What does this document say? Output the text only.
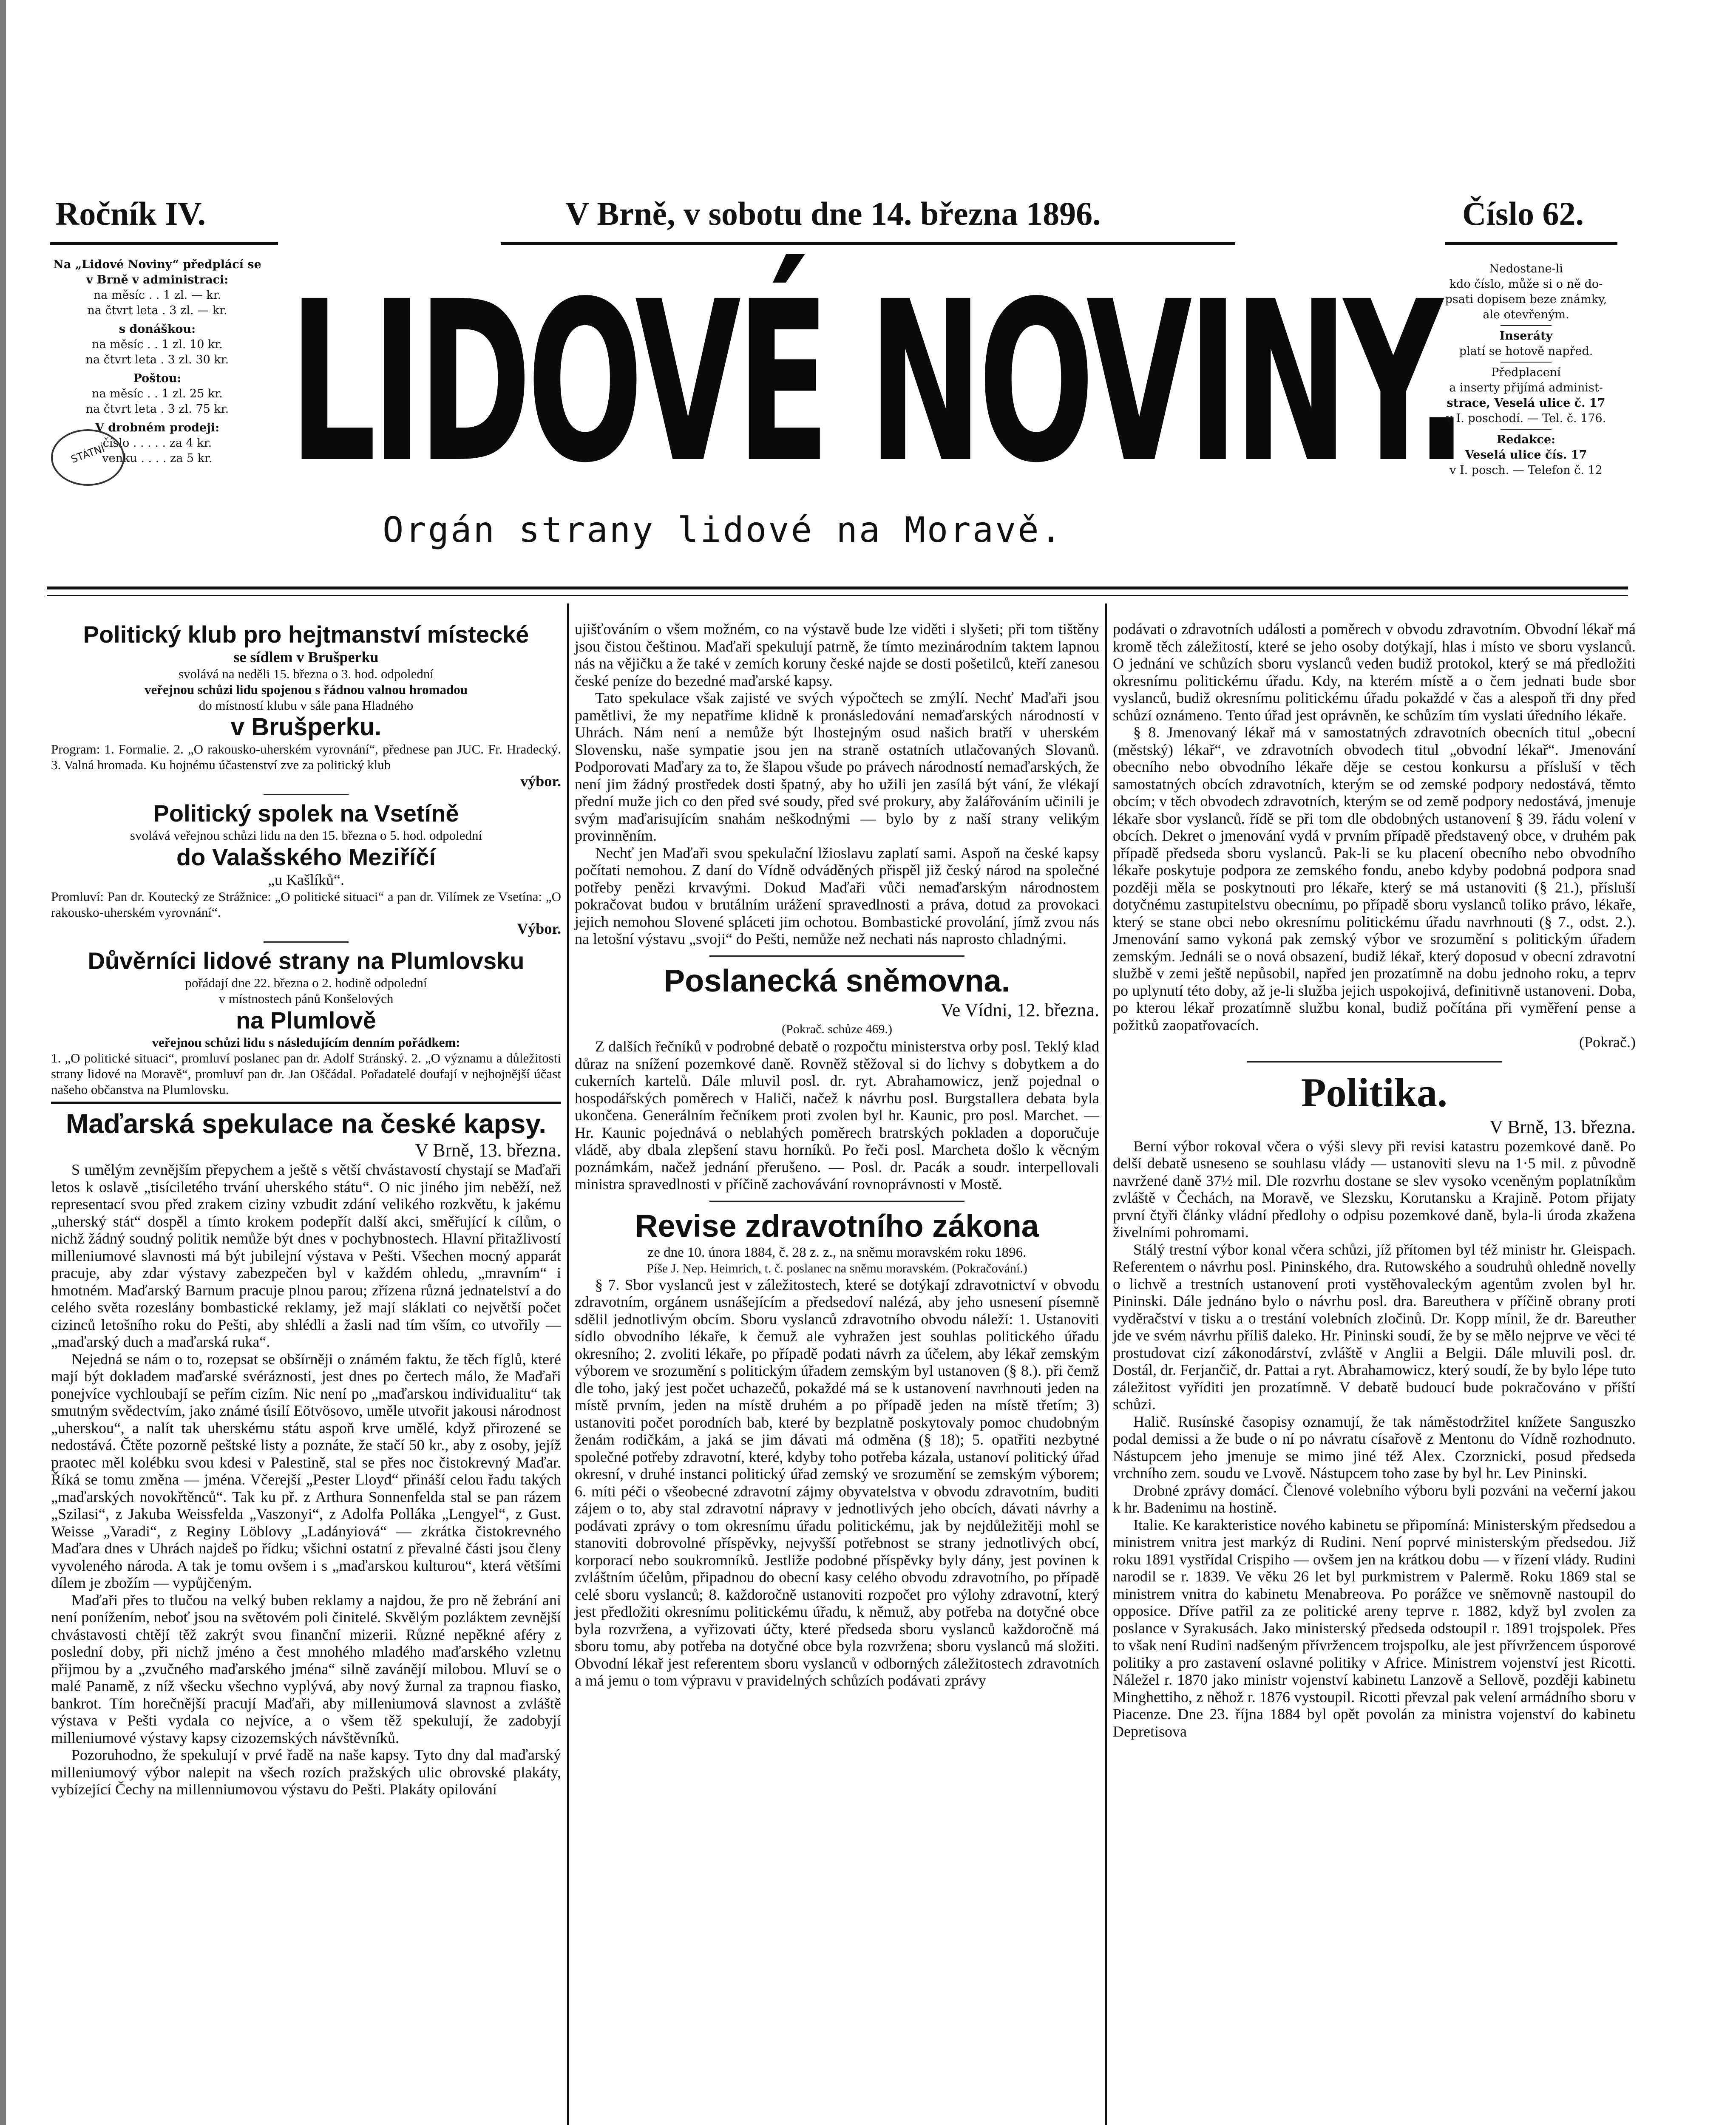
Ročník IV.	V Brně, v sobotu dne 14. března 1896.	Číslo 62.
Na „Lidové Noviny“ předplácí se
v Brně v administraci:
na měsíc . . 1 zl. — kr.
na čtvrt leta . 3 zl. — kr.
s donáškou:
na měsíc . . 1 zl. 10 kr.
na čtvrt leta . 3 zl. 30 kr.
Poštou:
na měsíc . . 1 zl. 25 kr.
na čtvrt leta . 3 zl. 75 kr.
V drobném prodeji:
číslo . . . . . za 4 kr.
venku . . . . za 5 kr.
STÁTNÍ LIDOVÉ NOVINY.
Orgán strany lidové na Moravě.
Nedostane-li
kdo číslo, může si o ně do-
psati dopisem beze známky,
ale otevřeným.
Inseráty
platí se hotově napřed.
Předplacení
a inserty přijímá administ-
strace, Veselá ulice č. 17
v I. poschodí. — Tel. č. 176.
Redakce:
Veselá ulice čís. 17
v I. posch. — Telefon č. 12
Politický klub pro hejtmanství místecké
se sídlem v Brušperku
svolává na neděli 15. března o 3. hod. odpolední
veřejnou schůzi lidu spojenou s řádnou valnou hromadou
do místností klubu v sále pana Hladného
v Brušperku.
Program: 1. Formalie. 2. „O rakousko-uherském vyrovnání“, přednese pan JUC. Fr. Hradecký. 3. Valná hromada. Ku hojnému účastenství zve za politický klub
výbor.
Politický spolek na Vsetíně
svolává veřejnou schůzi lidu na den 15. března o 5. hod. odpolední
do Valašského Meziříčí
„u Kašlíků“.
Promluví: Pan dr. Koutecký ze Strážnice: „O politické situaci“ a pan dr. Vilímek ze Vsetína: „O rakousko-uherském vyrovnání“.
Výbor.
Důvěrníci lidové strany na Plumlovsku
pořádají dne 22. března o 2. hodině odpolední
v místnostech pánů Konšelových
na Plumlově
veřejnou schůzi lidu s následujícím denním pořádkem:
1. „O politické situaci“, promluví poslanec pan dr. Adolf Stránský. 2. „O významu a důležitosti strany lidové na Moravě“, promluví pan dr. Jan Oščádal. Pořadatelé doufají v nejhojnější účast našeho občanstva na Plumlovsku.
Maďarská spekulace na české kapsy.
V Brně, 13. března.

S umělým zevnějším přepychem a ještě s větší chvástavostí chystají se Maďaři letos k oslavě „tisíciletého trvání uherského státu“. O nic jiného jim neběží, než representací svou před zrakem ciziny vzbudit zdání velikého rozkvětu, k jakému „uherský stát“ dospěl a tímto krokem podepřít další akci, směřující k cílům, o nichž žádný soudný politik nemůže být dnes v pochybnostech. Hlavní přitažlivostí milleniumové slavnosti má být jubilejní výstava v Pešti. Všechen mocný apparát pracuje, aby zdar výstavy zabezpečen byl v každém ohledu, „mravním“ i hmotném. Maďarský Barnum pracuje plnou parou; zřízena různá jednatelství a do celého světa rozeslány bombastické reklamy, jež mají sláklati co největší počet cizinců letošního roku do Pešti, aby shlédli a žasli nad tím vším, co utvořily — „maďarský duch a maďarská ruka“.

Nejedná se nám o to, rozepsat se obšírněji o známém faktu, že těch fíglů, které mají být dokladem maďarské svéráznosti, jest dnes po čertech málo, že Maďaři ponejvíce vychloubají se peřím cizím. Nic není po „maďarskou individualitu“ tak smutným svědectvím, jako známé úsilí Eötvösovo, uměle utvořit jakousi národnost „uherskou“, a nalít tak uherskému státu aspoň krve umělé, když přirozené se nedostává. Čtěte pozorně peštské listy a poznáte, že stačí 50 kr., aby z osoby, jejíž praotec měl kolébku svou kdesi v Palestině, stal se přes noc čistokrevný Maďar. Říká se tomu změna — jména. Včerejší „Pester Lloyd“ přináší celou řadu takých „maďarských novokřtěnců“. Tak ku př. z Arthura Sonnenfelda stal se pan rázem „Szilasi“, z Jakuba Weissfelda „Vaszonyi“, z Adolfa Polláka „Lengyel“, z Gust. Weisse „Varadi“, z Reginy Löblovy „Ladányiová“ — zkrátka čistokrevného Maďara dnes v Uhrách najdeš po řídku; všichni ostatní z převalné části jsou členy vyvoleného národa. A tak je tomu ovšem i s „maďarskou kulturou“, která většími dílem je zbožím — vypůjčeným.

Maďaři přes to tlučou na velký buben reklamy a najdou, že pro ně žebrání ani není ponížením, neboť jsou na světovém poli činitelé. Skvělým pozláktem zevnější chvástavosti chtějí těž zakrýt svou finanční mizerii. Různé nepěkné aféry z poslední doby, při nichž jméno a čest mnohého mladého maďarského vzletnu přijmou by a „zvučného maďarského jména“ silně zavánějí milobou. Mluví se o malé Panamě, z níž všecku všechno vyplývá, aby nový žurnal za trapnou fiasko, bankrot. Tím horečnější pracují Maďaři, aby milleniumová slavnost a zvláště výstava v Pešti vydala co nejvíce, a o všem těž spekulují, že zadobyjí milleniumové výstavy kapsy cizozemských návštěvníků.

Pozoruhodno, že spekulují v prvé řadě na naše kapsy. Tyto dny dal maďarský milleniumový výbor nalepit na všech rozích pražských ulic obrovské plakáty, vybízející Čechy na millenniumovou výstavu do Pešti. Plakáty opilování

ujišťováním o všem možném, co na výstavě bude lze viděti i slyšeti; při tom tištěny jsou čistou češtinou. Maďaři spekulují patrně, že tímto mezinárodním taktem lapnou nás na vějičku a že také v zemích koruny české najde se dosti pošetilců, kteří zanesou české peníze do bezedné maďarské kapsy.

Tato spekulace však zajisté ve svých výpočtech se zmýlí. Nechť Maďaři jsou pamětlivi, že my nepatříme klidně k pronásledování nemaďarských národností v Uhrách. Nám není a nemůže být lhostejným osud našich bratří v uherském Slovensku, naše sympatie jsou jen na straně ostatních utlačovaných Slovanů. Podporovati Maďary za to, že šlapou všude po právech národností nemaďarských, že není jim žádný prostředek dosti špatný, aby ho užili jen zasílá být vání, že vlékají přední muže jich co den před své soudy, před své prokury, aby žalářováním učinili je svým maďarisujícím snahám neškodnými — bylo by z naší strany velikým provinněním.

Nechť jen Maďaři svou spekulační lžioslavu zaplatí sami. Aspoň na české kapsy počítati nemohou. Z daní do Vídně odváděných přispěl již český národ na společné potřeby penězi krvavými. Dokud Maďaři vůči nemaďarským národnostem pokračovat budou v brutálním urážení spravedlnosti a práva, dotud za provokaci jejich nemohou Slovené spláceti jim ochotou. Bombastické provolání, jímž zvou nás na letošní výstavu „svoji“ do Pešti, nemůže než nechati nás naprosto chladnými.

Poslanecká sněmovna.
Ve Vídni, 12. března.
(Pokrač. schůze 469.)

Z dalších řečníků v podrobné debatě o rozpočtu ministerstva orby posl. Teklý klad důraz na snížení pozemkové daně. Rovněž stěžoval si do lichvy s dobytkem a do cukerních kartelů. Dále mluvil posl. dr. ryt. Abrahamowicz, jenž pojednal o hospodářských poměrech v Haliči, načež k návrhu posl. Burgstallera debata byla ukončena. Generálním řečníkem proti zvolen byl hr. Kaunic, pro posl. Marchet. — Hr. Kaunic pojednává o neblahých poměrech bratrských pokladen a doporučuje vládě, aby dbala zlepšení stavu horníků. Po řeči posl. Marcheta došlo k věcným poznámkám, načež jednání přerušeno. — Posl. dr. Pacák a soudr. interpellovali ministra spravedlnosti v příčině zachovávání rovnoprávnosti v Mostě.

Revise zdravotního zákona
ze dne 10. února 1884, č. 28 z. z., na sněmu moravském roku 1896.
Píše J. Nep. Heimrich, t. č. poslanec na sněmu moravském. (Pokračování.)

§ 7. Sbor vyslanců jest v záležitostech, které se dotýkají zdravotnictví v obvodu zdravotním, orgánem usnášejícím a předsedoví nalézá, aby jeho usnesení písemně sdělil jednotlivým obcím. Sboru vyslanců zdravotního obvodu náleží: 1. Ustanoviti sídlo obvodního lékaře, k čemuž ale vyhražen jest souhlas politického úřadu okresního; 2. zvoliti lékaře, po případě podati návrh za účelem, aby lékař zemským výborem ve srozumění s politickým úřadem zemským byl ustanoven (§ 8.). při čemž dle toho, jaký jest počet uchazečů, pokaždé má se k ustanovení navrhnouti jeden na místě prvním, jeden na místě druhém a po případě jeden na místě třetím; 3) ustanoviti počet porodních bab, které by bezplatně poskytovaly pomoc chudobným ženám rodičkám, a jaká se jim dávati má odměna (§ 18); 5. opatřiti nezbytné společné potřeby zdravotní, které, kdyby toho potřeba kázala, ustanoví politický úřad okresní, v druhé instanci politický úřad zemský ve srozumění se zemským výborem; 6. míti péči o všeobecné zdravotní zájmy obyvatelstva v obvodu zdravotním, buditi zájem o to, aby stal zdravotní nápravy v jednotlivých jeho obcích, dávati návrhy a podávati zprávy o tom okresnímu úřadu politickému, jak by nejdůležitěji mohl se stanoviti dobrovolné příspěvky, nejvyšší potřebnost se strany jednotlivých obcí, korporací nebo soukromníků. Jestliže podobné příspěvky byly dány, jest povinen k zvláštním účelům, připadnou do obecní kasy celého obvodu zdravotního, po případě celé sboru vyslanců; 8. každoročně ustanoviti rozpočet pro výlohy zdravotní, který jest předložiti okresnímu politickému úřadu, k němuž, aby potřeba na dotyčné obce byla rozvržena, a vyřizovati účty, které předseda sboru vyslanců každoročně má sboru tomu, aby potřeba na dotyčné obce byla rozvržena; sboru vyslanců má složiti. Obvodní lékař jest referentem sboru vyslanců v odborných záležitostech zdravotních a má jemu o tom výpravu v pravidelných schůzích podávati zprávy

podávati o zdravotních události a poměrech v obvodu zdravotním. Obvodní lékař má kromě těch záležitostí, které se jeho osoby dotýkají, hlas i místo ve sboru vyslanců. O jednání ve schůzích sboru vyslanců veden budiž protokol, který se má předložiti okresnímu politickému úřadu. Kdy, na kterém místě a o čem jednati bude sbor vyslanců, budiž okresnímu politickému úřadu pokaždé v čas a alespoň tři dny před schůzí oznámeno. Tento úřad jest oprávněn, ke schůzím tím vyslati úředního lékaře.

§ 8. Jmenovaný lékař má v samostatných zdravotních obecních titul „obecní (městský) lékař“, ve zdravotních obvodech titul „obvodní lékař“. Jmenování obecního nebo obvodního lékaře děje se cestou konkursu a přísluší v těch samostatných obcích zdravotních, kterým se od zemské podpory nedostává, těmto obcím; v těch obvodech zdravotních, kterým se od země podpory nedostává, jmenuje lékaře sbor vyslanců. řídě se při tom dle obdobných ustanovení § 39. řádu volení v obcích. Dekret o jmenování vydá v prvním případě představený obce, v druhém pak případě předseda sboru vyslanců. Pak-li se ku placení obecního nebo obvodního lékaře poskytuje podpora ze zemského fondu, anebo kdyby podobná podpora snad později měla se poskytnouti pro lékaře, který se má ustanoviti (§ 21.), přísluší dotyčnému zastupitelstvu obecnímu, po případě sboru vyslanců toliko právo, lékaře, který se stane obci nebo okresnímu politickému úřadu navrhnouti (§ 7., odst. 2.). Jmenování samo vykoná pak zemský výbor ve srozumění s politickým úřadem zemským. Jednáli se o nová obsazení, budiž lékař, který doposud v obecní zdravotní službě v zemi ještě nepůsobil, napřed jen prozatímně na dobu jednoho roku, a teprv po uplynutí této doby, až je-li služba jejich uspokojivá, definitivně ustanoveni. Doba, po kterou lékař prozatímně službu konal, budiž počítána při vyměření pense a požitků zaopatřovacích.

(Pokrač.)
Politika.
V Brně, 13. března.

Berní výbor rokoval včera o výši slevy při revisi katastru pozemkové daně. Po delší debatě usneseno se souhlasu vlády — ustanoviti slevu na 1·5 mil. z původně navržené daně 37½ mil. Dle rozvrhu dostane se slev vysoko vceněným poplatníkům zvláště v Čechách, na Moravě, ve Slezsku, Korutansku a Krajině. Potom přijaty první čtyři články vládní předlohy o odpisu pozemkové daně, byla-li úroda zkažena živelními pohromami.

Stálý trestní výbor konal včera schůzi, jíž přítomen byl též ministr hr. Gleispach. Referentem o návrhu posl. Pininského, dra. Rutowského a soudruhů ohledně novelly o lichvě a trestních ustanovení proti vystěhovaleckým agentům zvolen byl hr. Pininski. Dále jednáno bylo o návrhu posl. dra. Bareuthera v příčině obrany proti vyděračství v tisku a o trestání volebních zločinů. Dr. Kopp mínil, že dr. Bareuther jde ve svém návrhu příliš daleko. Hr. Pininski soudí, že by se mělo nejprve ve věci té prostudovat cizí zákonodárství, zvláště v Anglii a Belgii. Dále mluvili posl. dr. Dostál, dr. Ferjančič, dr. Pattai a ryt. Abrahamowicz, který soudí, že by bylo lépe tuto záležitost vyříditi jen prozatímně. V debatě budoucí bude pokračováno v příští schůzi.

Halič. Rusínské časopisy oznamují, že tak náměstodržitel knížete Sanguszko podal demissi a že bude o ní po návratu císařově z Mentonu do Vídně rozhodnuto. Nástupcem jeho jmenuje se mimo jiné též Alex. Czorznicki, posud předseda vrchního zem. soudu ve Lvově. Nástupcem toho zase by byl hr. Lev Pininski.

Drobné zprávy domácí. Členové volebního výboru byli pozváni na večerní jakou k hr. Badenimu na hostině.

Italie. Ke karakteristice nového kabinetu se připomíná: Ministerským předsedou a ministrem vnitra jest markýz di Rudini. Není poprvé ministerským předsedou. Již roku 1891 vystřídal Crispiho — ovšem jen na krátkou dobu — v řízení vlády. Rudini narodil se r. 1839. Ve věku 26 let byl purkmistrem v Palermě. Roku 1869 stal se ministrem vnitra do kabinetu Menabreova. Po porážce ve sněmovně nastoupil do opposice. Dříve patřil za ze politické areny teprve r. 1882, když byl zvolen za poslance v Syrakusách. Jako ministerský předseda odstoupil r. 1891 trojspolek. Přes to však není Rudini nadšeným přívržencem trojspolku, ale jest přívržencem úsporové politiky a pro zastavení oslavné politiky v Africe. Ministrem vojenství jest Ricotti. Náležel r. 1870 jako ministr vojenství kabinetu Lanzově a Sellově, později kabinetu Minghettiho, z něhož r. 1876 vystoupil. Ricotti převzal pak velení armádního sboru v Piacenze. Dne 23. října 1884 byl opět povolán za ministra vojenství do kabinetu Depretisova
